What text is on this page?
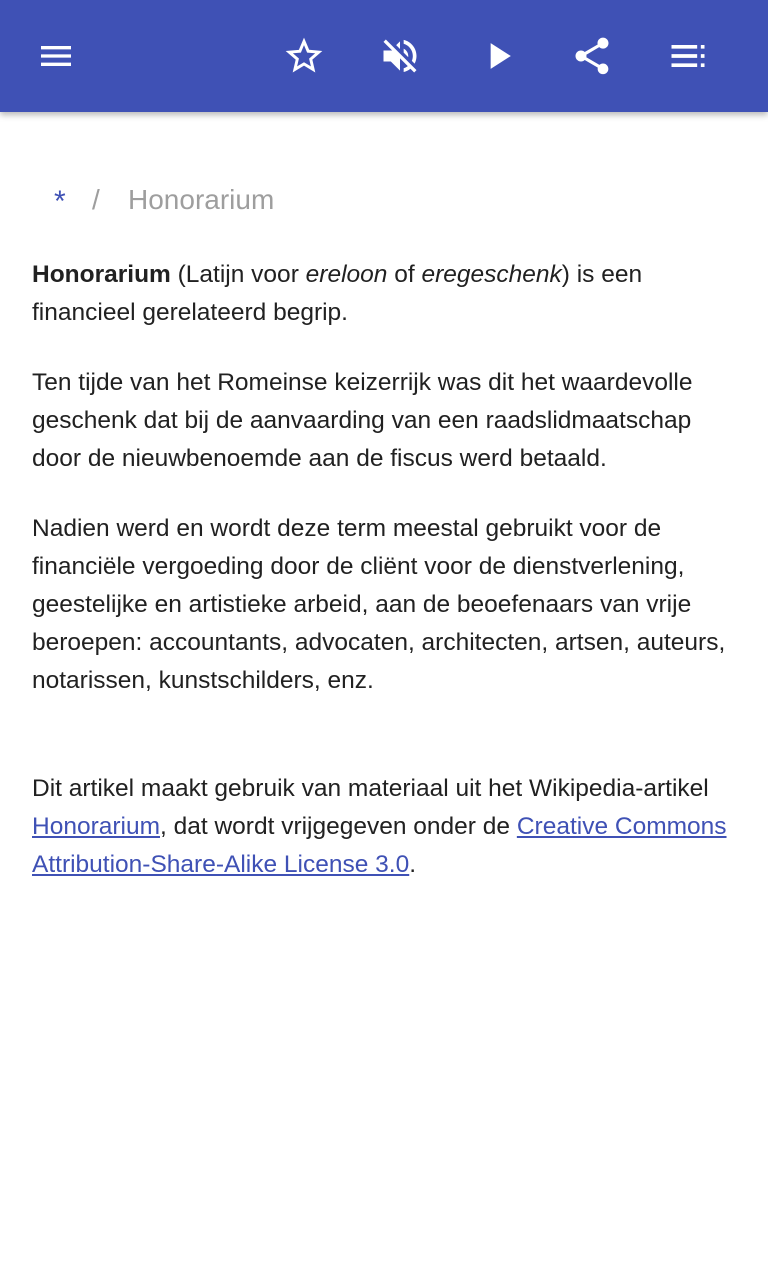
* / Honorarium

Honorarium (Latijn voor ereloon of eregeschenk) is een financieel gerelateerd begrip.

Ten tijde van het Romeinse keizerrijk was dit het waardevolle geschenk dat bij de aanvaarding van een raadslidmaatschap door de nieuwbenoemde aan de fiscus werd betaald.

Nadien werd en wordt deze term meestal gebruikt voor de financiële vergoeding door de cliënt voor de dienstverlening, geestelijke en artistieke arbeid, aan de beoefenaars van vrije beroepen: accountants, advocaten, architecten, artsen, auteurs, notarissen, kunstschilders, enz.

Dit artikel maakt gebruik van materiaal uit het Wikipedia-artikel Honorarium, dat wordt vrijgegeven onder de Creative Commons Attribution-Share-Alike License 3.0.
